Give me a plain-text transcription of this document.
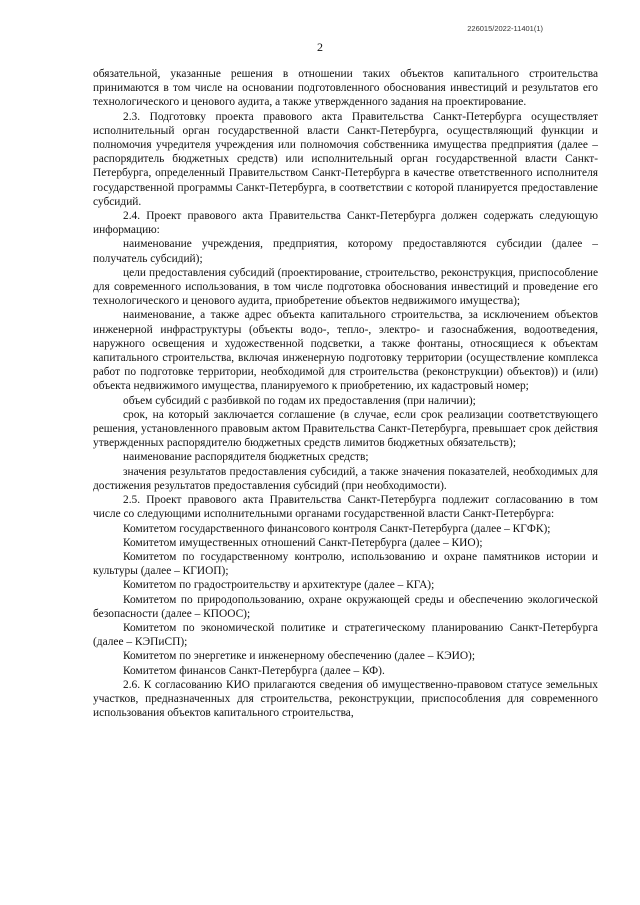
226015/2022-11401(1)
2

обязательной, указанные решения в отношении таких объектов капитального строительства принимаются в том числе на основании подготовленного обоснования инвестиций и результатов его технологического и ценового аудита, а также утвержденного задания на проектирование.

2.3. Подготовку проекта правового акта Правительства Санкт-Петербурга осуществляет исполнительный орган государственной власти Санкт-Петербурга, осуществляющий функции и полномочия учредителя учреждения или полномочия собственника имущества предприятия (далее – распорядитель бюджетных средств) или исполнительный орган государственной власти Санкт-Петербурга, определенный Правительством Санкт-Петербурга в качестве ответственного исполнителя государственной программы Санкт-Петербурга, в соответствии с которой планируется предоставление субсидий.

2.4. Проект правового акта Правительства Санкт-Петербурга должен содержать следующую информацию:

наименование учреждения, предприятия, которому предоставляются субсидии (далее – получатель субсидий);

цели предоставления субсидий (проектирование, строительство, реконструкция, приспособление для современного использования, в том числе подготовка обоснования инвестиций и проведение его технологического и ценового аудита, приобретение объектов недвижимого имущества);

наименование, а также адрес объекта капитального строительства, за исключением объектов инженерной инфраструктуры (объекты водо-, тепло-, электро- и газоснабжения, водоотведения, наружного освещения и художественной подсветки, а также фонтаны, относящиеся к объектам капитального строительства, включая инженерную подготовку территории (осуществление комплекса работ по подготовке территории, необходимой для строительства (реконструкции) объектов)) и (или) объекта недвижимого имущества, планируемого к приобретению, их кадастровый номер;

объем субсидий с разбивкой по годам их предоставления (при наличии);

срок, на который заключается соглашение (в случае, если срок реализации соответствующего решения, установленного правовым актом Правительства Санкт-Петербурга, превышает срок действия утвержденных распорядителю бюджетных средств лимитов бюджетных обязательств);

наименование распорядителя бюджетных средств;

значения результатов предоставления субсидий, а также значения показателей, необходимых для достижения результатов предоставления субсидий (при необходимости).

2.5. Проект правового акта Правительства Санкт-Петербурга подлежит согласованию в том числе со следующими исполнительными органами государственной власти Санкт-Петербурга:

Комитетом государственного финансового контроля Санкт-Петербурга (далее – КГФК);

Комитетом имущественных отношений Санкт-Петербурга (далее – КИО);

Комитетом по государственному контролю, использованию и охране памятников истории и культуры (далее – КГИОП);

Комитетом по градостроительству и архитектуре (далее – КГА);

Комитетом по природопользованию, охране окружающей среды и обеспечению экологической безопасности (далее – КПООС);

Комитетом по экономической политике и стратегическому планированию Санкт-Петербурга (далее – КЭПиСП);

Комитетом по энергетике и инженерному обеспечению (далее – КЭИО);

Комитетом финансов Санкт-Петербурга (далее – КФ).

2.6. К согласованию КИО прилагаются сведения об имущественно-правовом статусе земельных участков, предназначенных для строительства, реконструкции, приспособления для современного использования объектов капитального строительства,
